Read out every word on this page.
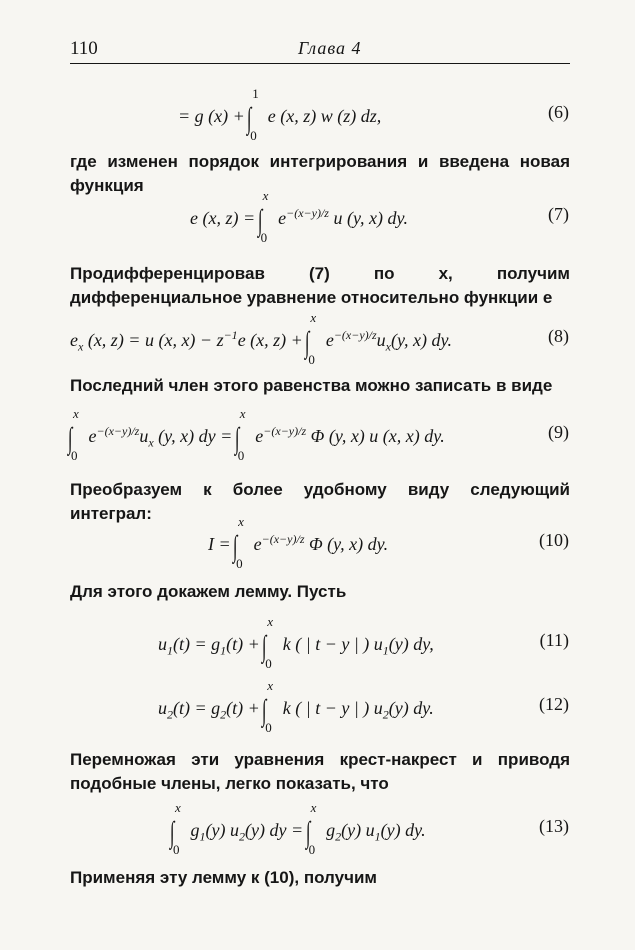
110	Глава 4
= g (x) + ∫
1
0
e (x, z) w (z) dz,	(6)
где изменен порядок интегрирования и введена новая функция
e (x, z) = ∫
x
0
$e^{-(x-y)/z}$ u (y, x) dy.	(7)
Продифференцировав (7) по x, получим дифференциальное уравнение относительно функции e
$e_x$ (x, z) = u (x, $x) - z^{-1}e$ (x, z) + ∫
x
0
$e^{-(x-y)/z}u_x(y$, x) dy.	(8)
Последний член этого равенства можно записать в виде
∫
x
0
$e^{-(x-y)/z}u_x$ (y, x) dy = ∫
x
0
$e^{-(x-y)/z}$ Φ (y, x) u (x, x) dy.	(9)
Преобразуем к более удобному виду следующий интеграл:
I = ∫
x
0
$e^{-(x-y)/z}$ Φ (y, x) dy.	(10)
Для этого докажем лемму. Пусть
$u_1(t) = g_1(t)$ + ∫
x
0
k ( | t − y | ) $u_1(y)$ dy,	(11)
$u_2(t) = g_2(t)$ + ∫
x
0
k ( | t − y | ) $u_2(y)$ dy.	(12)
Перемножая эти уравнения крест-накрест и приводя подобные члены, легко показать, что
∫
x
0
$g_1(y)$ $u_2(y)$ dy = ∫
x
0
$g_2(y)$ $u_1(y)$ dy.	(13)
Применяя эту лемму к (10), получим
